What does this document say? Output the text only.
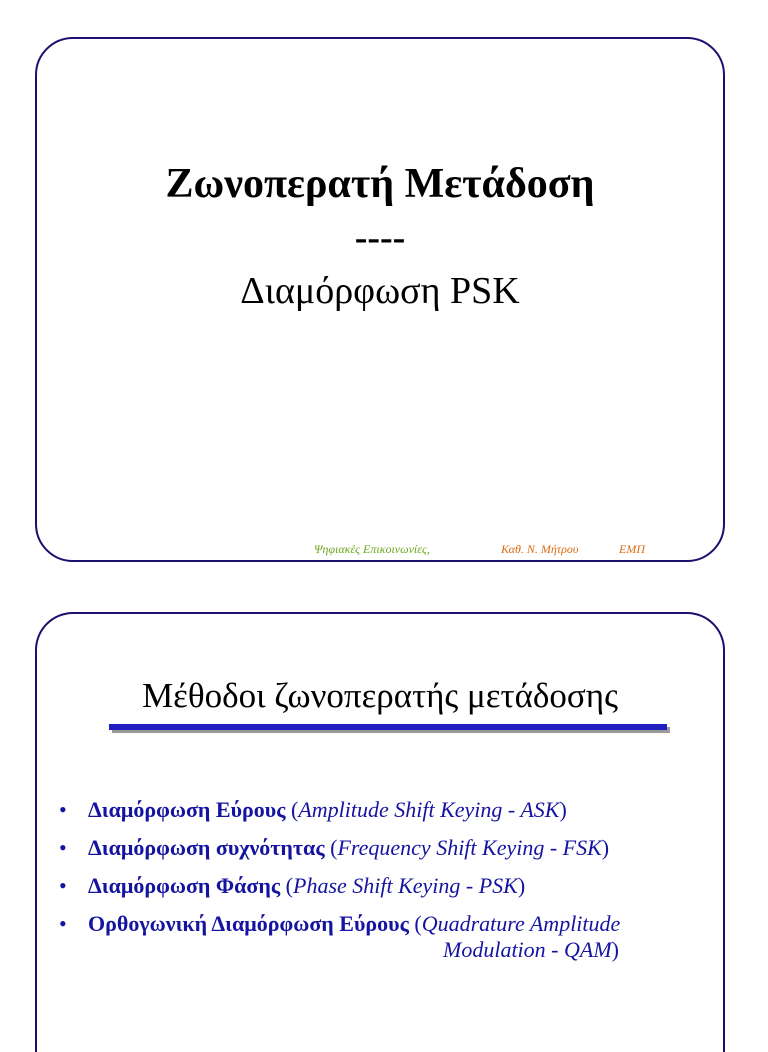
Ζωνοπερατή Μετάδοση
----
Διαμόρφωση PSK
Ψηφιακές Επικοινωνίες,	Καθ. Ν. Μήτρου	ΕΜΠ
Μέθοδοι ζωνοπερατής μετάδοσης
• Διαμόρφωση Εύρους (Amplitude Shift Keying - ASK)
• Διαμόρφωση συχνότητας (Frequency Shift Keying - FSK)
• Διαμόρφωση Φάσης (Phase Shift Keying - PSK)
• Ορθογωνική Διαμόρφωση Εύρους (Quadrature Amplitude
Modulation - QAM)
